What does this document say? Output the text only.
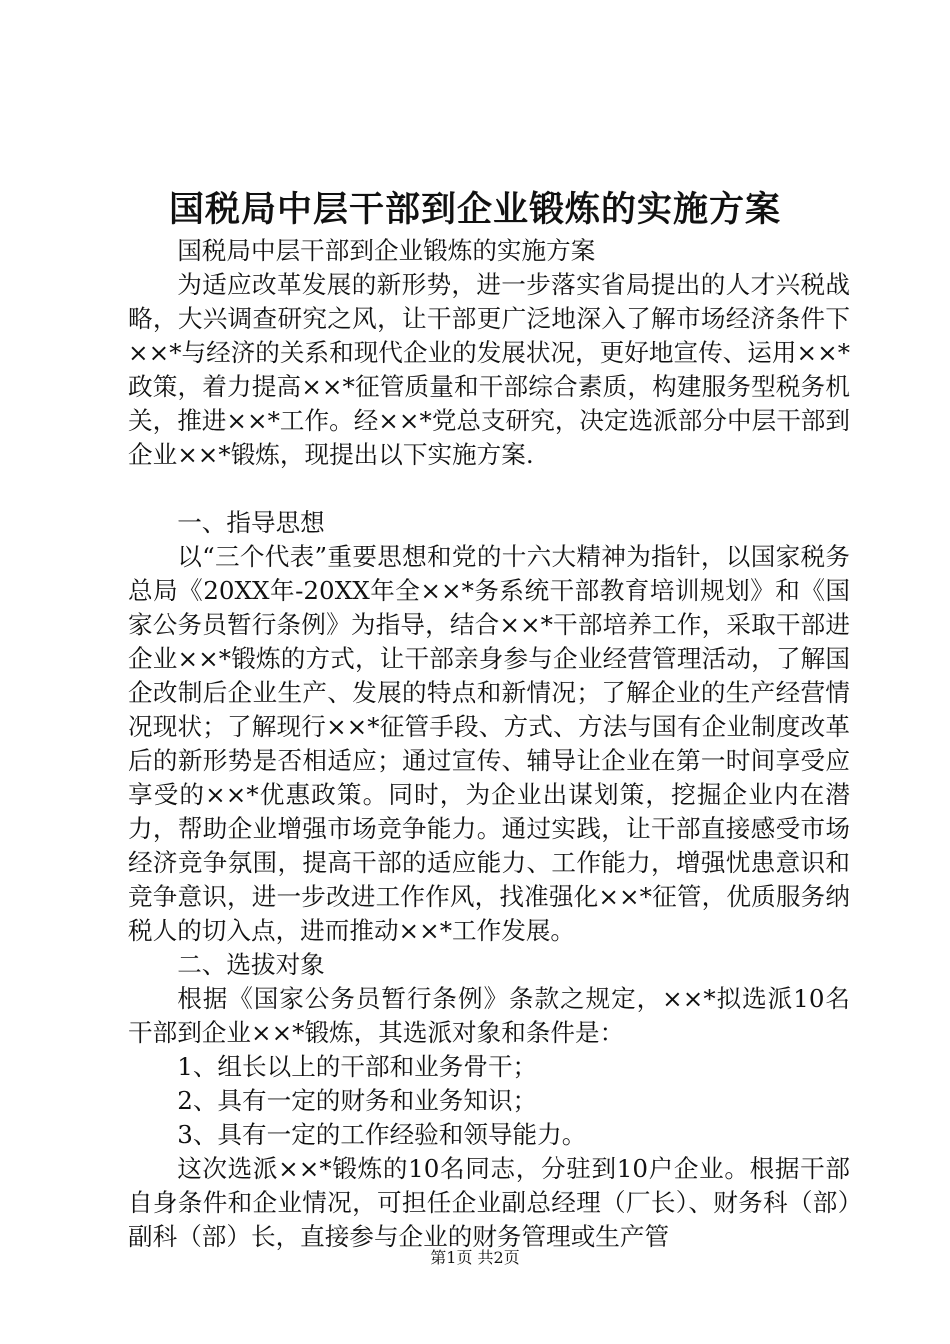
国税局中层干部到企业锻炼的实施方案

国税局中层干部到企业锻炼的实施方案

为适应改革发展的新形势，进一步落实省局提出的人才兴税战略，大兴调查研究之风，让干部更广泛地深入了解市场经济条件下××*与经济的关系和现代企业的发展状况，更好地宣传、运用××*政策，着力提高××*征管质量和干部综合素质，构建服务型税务机关，推进××*工作。经××*党总支研究，决定选派部分中层干部到企业××*锻炼，现提出以下实施方案.

一、指导思想

以“三个代表”重要思想和党的十六大精神为指针，以国家税务总局《20XX年-20XX年全××*务系统干部教育培训规划》和《国家公务员暂行条例》为指导，结合××*干部培养工作，采取干部进企业××*锻炼的方式，让干部亲身参与企业经营管理活动，了解国企改制后企业生产、发展的特点和新情况；了解企业的生产经营情况现状；了解现行××*征管手段、方式、方法与国有企业制度改革后的新形势是否相适应；通过宣传、辅导让企业在第一时间享受应享受的××*优惠政策。同时，为企业出谋划策，挖掘企业内在潜力，帮助企业增强市场竞争能力。通过实践，让干部直接感受市场经济竞争氛围，提高干部的适应能力、工作能力，增强忧患意识和竞争意识，进一步改进工作作风，找准强化××*征管，优质服务纳税人的切入点，进而推动××*工作发展。

二、选拔对象

根据《国家公务员暂行条例》条款之规定，××*拟选派10名干部到企业××*锻炼，其选派对象和条件是：

1、组长以上的干部和业务骨干；

2、具有一定的财务和业务知识；

3、具有一定的工作经验和领导能力。

这次选派××*锻炼的10名同志，分驻到10户企业。根据干部自身条件和企业情况，可担任企业副总经理（厂长）、财务科（部）副科（部）长，直接参与企业的财务管理或生产管

第1页 共2页
